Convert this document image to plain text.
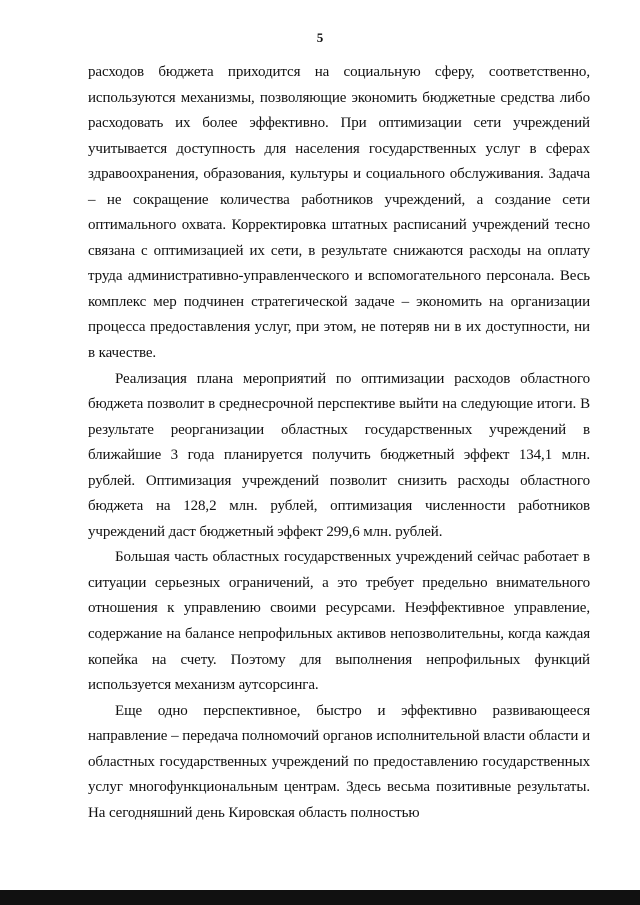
5

расходов бюджета приходится на социальную сферу, соответственно, используются механизмы, позволяющие экономить бюджетные средства либо расходовать их более эффективно. При оптимизации сети учреждений учитывается доступность для населения государственных услуг в сферах здравоохранения, образования, культуры и социального обслуживания. Задача – не сокращение количества работников учреждений, а создание сети оптимального охвата. Корректировка штатных расписаний учреждений тесно связана с оптимизацией их сети, в результате снижаются расходы на оплату труда административно-управленческого и вспомогательного персонала. Весь комплекс мер подчинен стратегической задаче – экономить на организации процесса предоставления услуг, при этом, не потеряв ни в их доступности, ни в качестве.

Реализация плана мероприятий по оптимизации расходов областного бюджета позволит в среднесрочной перспективе выйти на следующие итоги. В результате реорганизации областных государственных учреждений в ближайшие 3 года планируется получить бюджетный эффект 134,1 млн. рублей. Оптимизация учреждений позволит снизить расходы областного бюджета на 128,2 млн. рублей, оптимизация численности работников учреждений даст бюджетный эффект 299,6 млн. рублей.

Большая часть областных государственных учреждений сейчас работает в ситуации серьезных ограничений, а это требует предельно внимательного отношения к управлению своими ресурсами. Неэффективное управление, содержание на балансе непрофильных активов непозволительны, когда каждая копейка на счету. Поэтому для выполнения непрофильных функций используется механизм аутсорсинга.

Еще одно перспективное, быстро и эффективно развивающееся направление – передача полномочий органов исполнительной власти области и областных государственных учреждений по предоставлению государственных услуг многофункциональным центрам. Здесь весьма позитивные результаты. На сегодняшний день Кировская область полностью
